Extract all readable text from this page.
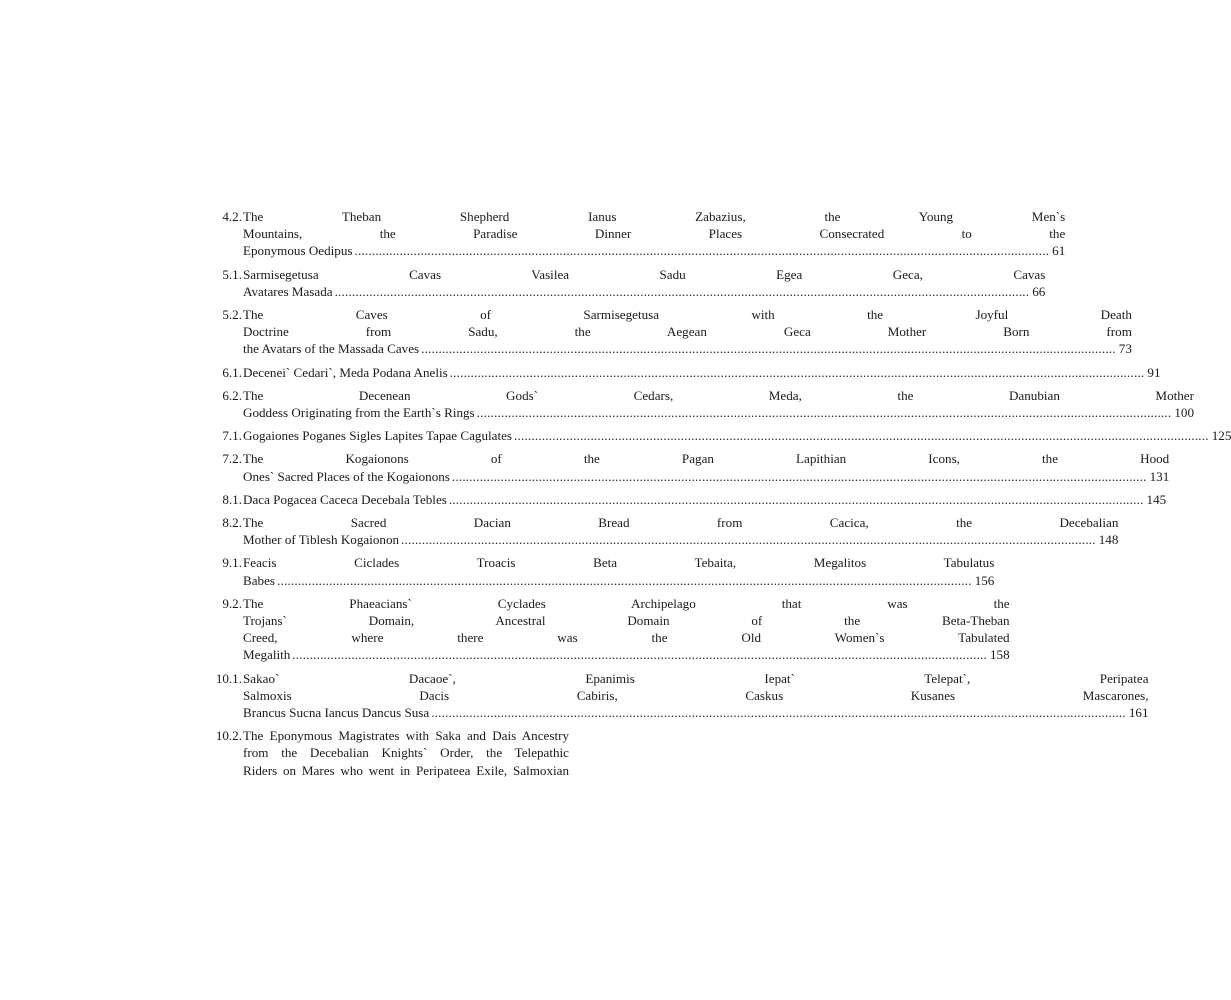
4.2. The Theban Shepherd Ianus Zabazius, the Young Men`s
Mountains, the Paradise Dinner Places Consecrated to the
Eponymous Oedipus ........................................................................................................................................................................................................ 61
5.1. Sarmisegetusa Cavas Vasilea Sadu Egea Geca, Cavas
Avatares Masada ........................................................................................................................................................................................................ 66
5.2. The Caves of Sarmisegetusa with the Joyful Death
Doctrine from Sadu, the Aegean Geca Mother Born from
the Avatars of the Massada Caves ........................................................................................................................................................................................................ 73
6.1. Decenei` Cedari`, Meda Podana Anelis ........................................................................................................................................................................................................ 91
6.2. The Decenean Gods` Cedars, Meda, the Danubian Mother
Goddess Originating from the Earth`s Rings ........................................................................................................................................................................................................ 100
7.1. Gogaiones Poganes Sigles Lapites Tapae Cagulates ........................................................................................................................................................................................................ 125
7.2. The Kogaionons of the Pagan Lapithian Icons, the Hood
Ones` Sacred Places of the Kogaionons ........................................................................................................................................................................................................ 131
8.1. Daca Pogacea Caceca Decebala Tebles ........................................................................................................................................................................................................ 145
8.2. The Sacred Dacian Bread from Cacica, the Decebalian
Mother of Tiblesh Kogaionon ........................................................................................................................................................................................................ 148
9.1. Feacis Ciclades Troacis Beta Tebaita, Megalitos Tabulatus
Babes ........................................................................................................................................................................................................ 156
9.2. The Phaeacians` Cyclades Archipelago that was the
Trojans` Domain, Ancestral Domain of the Beta-Theban
Creed, where there was the Old Women`s Tabulated
Megalith ........................................................................................................................................................................................................ 158
10.1. Sakao` Dacaoe`, Epanimis Iepat` Telepat`, Peripatea
Salmoxis Dacis Cabiris, Caskus Kusanes Mascarones,
Brancus Sucna Iancus Dancus Susa ........................................................................................................................................................................................................ 161
10.2. The Eponymous Magistrates with Saka and Dais Ancestry
from the Decebalian Knights` Order, the Telepathic
Riders on Mares who went in Peripateea Exile, Salmoxian
